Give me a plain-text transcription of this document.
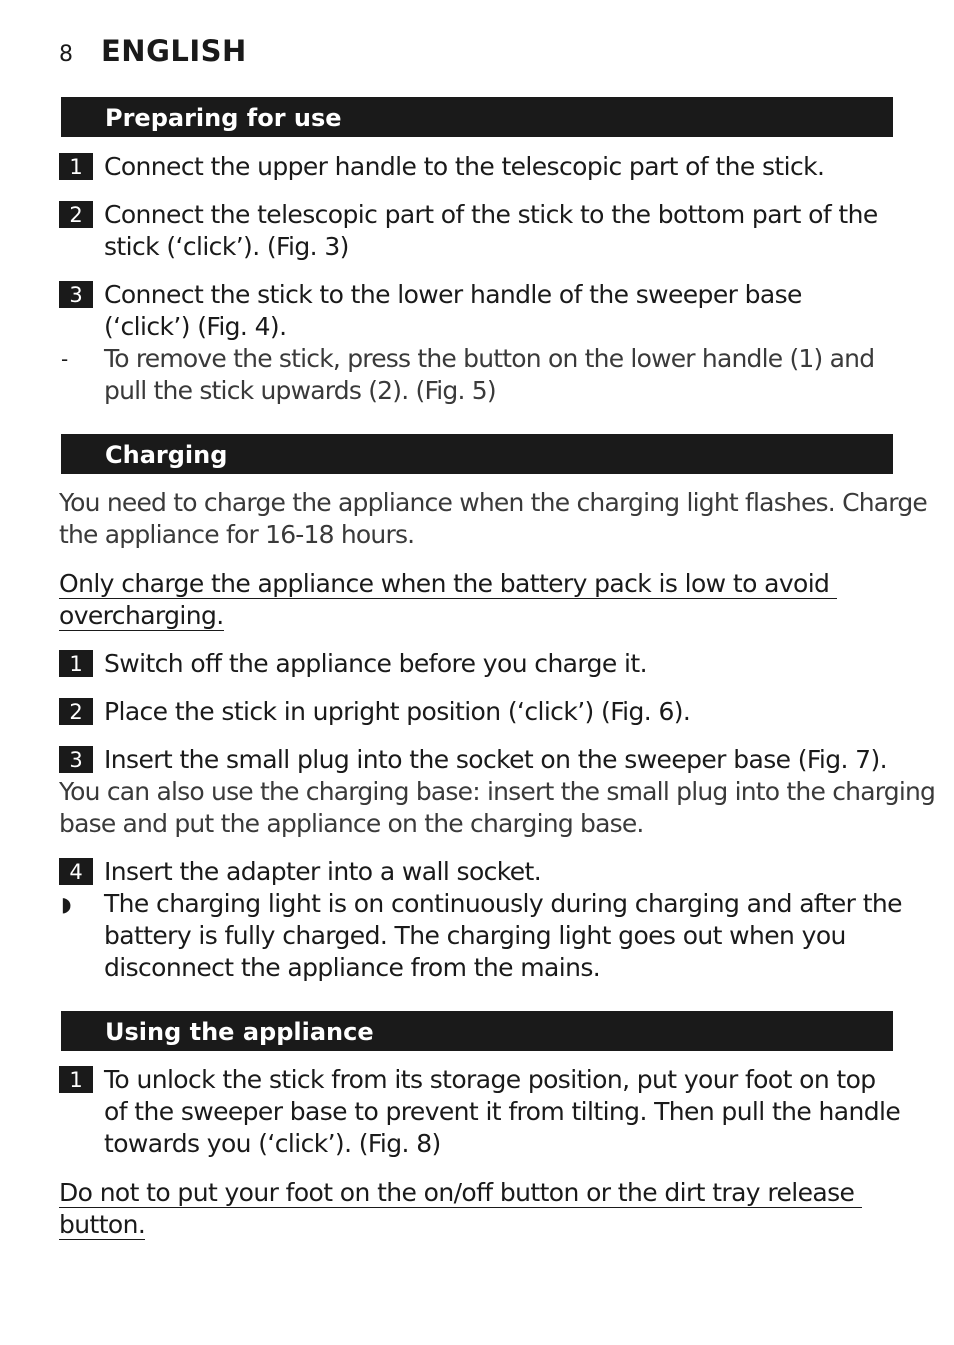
8 ENGLISH
Preparing for use
1 Connect the upper handle to the telescopic part of the stick.
2 Connect the telescopic part of the stick to the bottom part of the
stick (‘click’). (Fig. 3)
3 Connect the stick to the lower handle of the sweeper base
(‘click’) (Fig. 4).
- To remove the stick, press the button on the lower handle (1) and
pull the stick upwards (2). (Fig. 5)
Charging
You need to charge the appliance when the charging light flashes. Charge
the appliance for 16-18 hours.
Only charge the appliance when the battery pack is low to avoid
overcharging.
1 Switch off the appliance before you charge it.
2 Place the stick in upright position (‘click’) (Fig. 6).
3 Insert the small plug into the socket on the sweeper base (Fig. 7).
You can also use the charging base: insert the small plug into the charging
base and put the appliance on the charging base.
4 Insert the adapter into a wall socket.
◗ The charging light is on continuously during charging and after the
battery is fully charged. The charging light goes out when you
disconnect the appliance from the mains.
Using the appliance
1 To unlock the stick from its storage position, put your foot on top
of the sweeper base to prevent it from tilting. Then pull the handle
towards you (‘click’). (Fig. 8)
Do not to put your foot on the on/off button or the dirt tray release
button.
